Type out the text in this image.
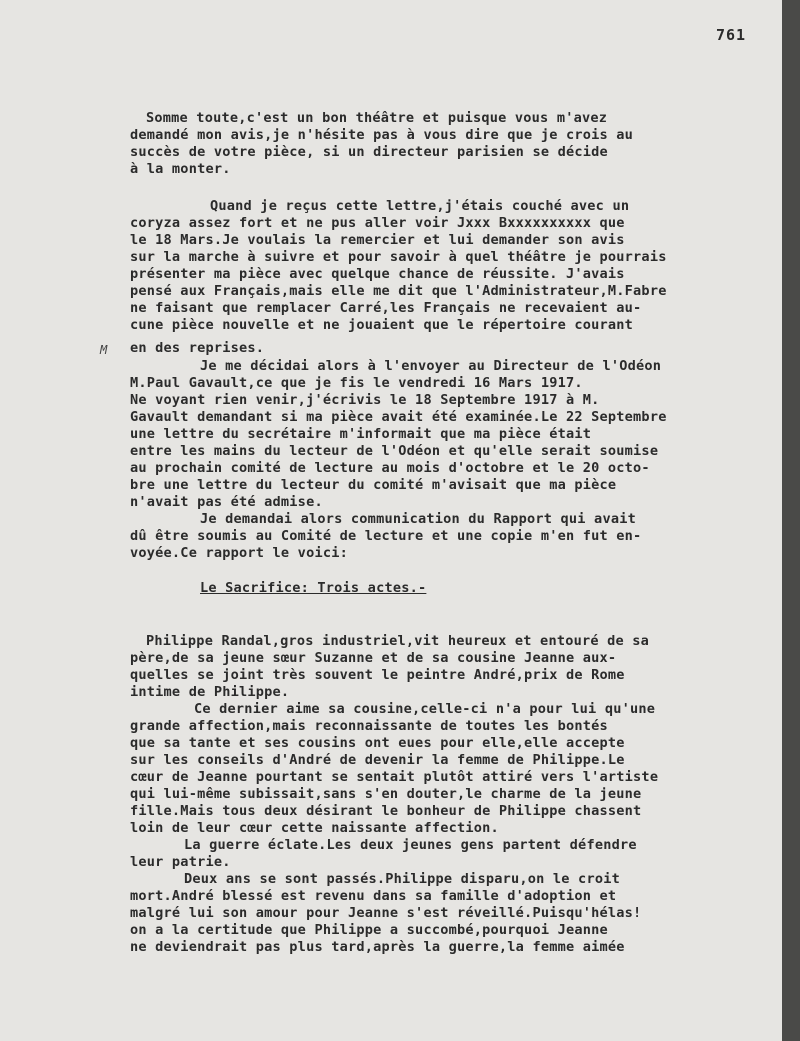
761
M
Somme toute,c'est un bon théâtre et puisque vous m'avez
demandé mon avis,je n'hésite pas à vous dire que je crois au
succès de votre pièce, si un directeur parisien se décide
à la monter.
Quand je reçus cette lettre,j'étais couché avec un
coryza assez fort et ne pus aller voir Jxxx Bxxxxxxxxxx que
le 18 Mars.Je voulais la remercier et lui demander son avis
sur la marche à suivre et pour savoir à quel théâtre je pourrais
présenter ma pièce avec quelque chance de réussite. J'avais
pensé aux Français,mais elle me dit que l'Administrateur,M.Fabre
ne faisant que remplacer Carré,les Français ne recevaient au-
cune pièce nouvelle et ne jouaient que le répertoire courant
en des reprises.
Je me décidai alors à l'envoyer au Directeur de l'Odéon
M.Paul Gavault,ce que je fis le vendredi 16 Mars 1917.
Ne voyant rien venir,j'écrivis le 18 Septembre 1917 à M.
Gavault demandant si ma pièce avait été examinée.Le 22 Septembre
une lettre du secrétaire m'informait que ma pièce était
entre les mains du lecteur de l'Odéon et qu'elle serait soumise
au prochain comité de lecture au mois d'octobre et le 20 octo-
bre une lettre du lecteur du comité m'avisait que ma pièce
n'avait pas été admise.
Je demandai alors communication du Rapport qui avait
dû être soumis au Comité de lecture et une copie m'en fut en-
voyée.Ce rapport le voici:
Le Sacrifice: Trois actes.-
Philippe Randal,gros industriel,vit heureux et entouré de sa
père,de sa jeune sœur Suzanne et de sa cousine Jeanne aux-
quelles se joint très souvent le peintre André,prix de Rome
intime de Philippe.
Ce dernier aime sa cousine,celle-ci n'a pour lui qu'une
grande affection,mais reconnaissante de toutes les bontés
que sa tante et ses cousins ont eues pour elle,elle accepte
sur les conseils d'André de devenir la femme de Philippe.Le
cœur de Jeanne pourtant se sentait plutôt attiré vers l'artiste
qui lui-même subissait,sans s'en douter,le charme de la jeune
fille.Mais tous deux désirant le bonheur de Philippe chassent
loin de leur cœur cette naissante affection.
La guerre éclate.Les deux jeunes gens partent défendre
leur patrie.
Deux ans se sont passés.Philippe disparu,on le croit
mort.André blessé est revenu dans sa famille d'adoption et
malgré lui son amour pour Jeanne s'est réveillé.Puisqu'hélas!
on a la certitude que Philippe a succombé,pourquoi Jeanne
ne deviendrait pas plus tard,après la guerre,la femme aimée
